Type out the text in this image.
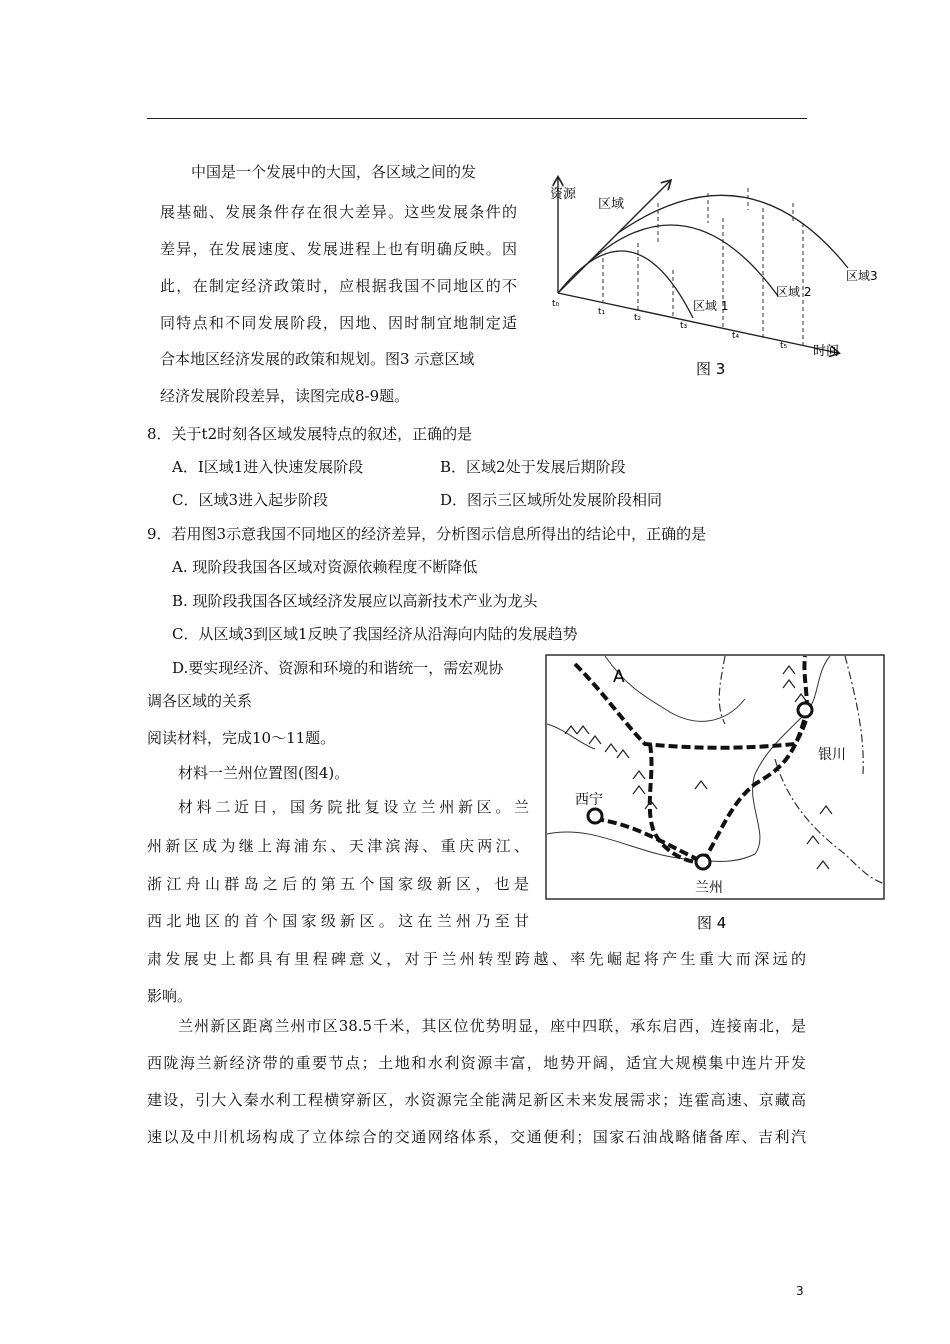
中国是一个发展中的大国，各区域之间的发
展基础、发展条件存在很大差异。这些发展条件的
差异，在发展速度、发展进程上也有明确反映。因
此，在制定经济政策时，应根据我国不同地区的不
同特点和不同发展阶段，因地、因时制宜地制定适
合本地区经济发展的政策和规划。图3 示意区域
经济发展阶段差异，读图完成8-9题。
资源
区域
时间
区域 1
区域 2
区域3
t₀
t₁
t₂
t₃
t₄
t₅
图 3
8．关于t2时刻各区域发展特点的叙述，正确的是
A．I区域1进入快速发展阶段	B．区域2处于发展后期阶段
C．区域3进入起步阶段	D．图示三区域所处发展阶段相同
9．若用图3示意我国不同地区的经济差异，分析图示信息所得出的结论中，正确的是
A. 现阶段我国各区域对资源依赖程度不断降低
B. 现阶段我国各区域经济发展应以高新技术产业为龙头
C．从区域3到区域1反映了我国经济从沿海向内陆的发展趋势
D.要实现经济、资源和环境的和谐统一，需宏观协
调各区域的关系
阅读材料，完成10～11题。
材料一兰州位置图(图4)。
材料二近日，国务院批复设立兰州新区。兰
州新区成为继上海浦东、天津滨海、重庆两江、
浙江舟山群岛之后的第五个国家级新区，也是
西北地区的首个国家级新区。这在兰州乃至甘
肃发展史上都具有里程碑意义，对于兰州转型跨越、率先崛起将产生重大而深远的
影响。
A
银川
西宁
兰州
图 4
兰州新区距离兰州市区38.5千米，其区位优势明显，座中四联，承东启西，连接南北，是
西陇海兰新经济带的重要节点；土地和水利资源丰富，地势开阔，适宜大规模集中连片开发
建设，引大入秦水利工程横穿新区，水资源完全能满足新区未来发展需求；连霍高速、京藏高
速以及中川机场构成了立体综合的交通网络体系，交通便利；国家石油战略储备库、吉利汽
3
